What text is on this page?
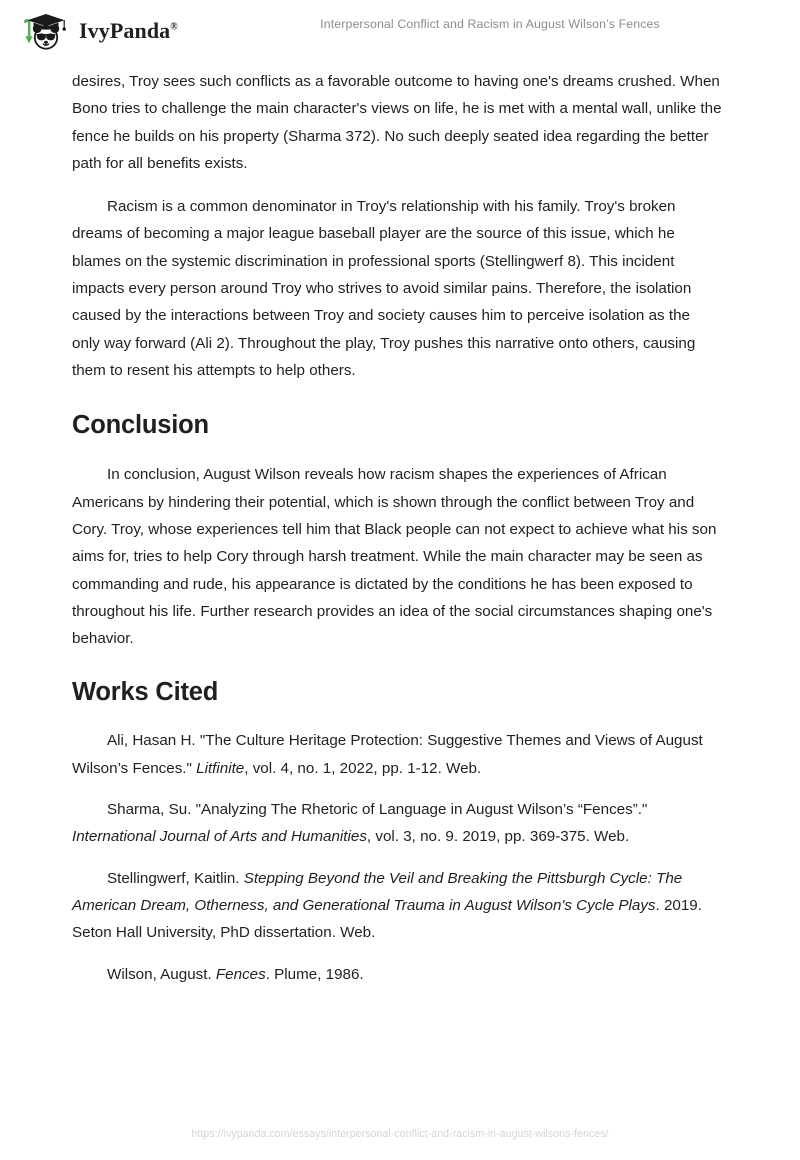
IvyPanda®	Interpersonal Conflict and Racism in August Wilson’s Fences

desires, Troy sees such conflicts as a favorable outcome to having one's dreams crushed. When Bono tries to challenge the main character's views on life, he is met with a mental wall, unlike the fence he builds on his property (Sharma 372). No such deeply seated idea regarding the better path for all benefits exists.

Racism is a common denominator in Troy's relationship with his family. Troy's broken dreams of becoming a major league baseball player are the source of this issue, which he blames on the systemic discrimination in professional sports (Stellingwerf 8). This incident impacts every person around Troy who strives to avoid similar pains. Therefore, the isolation caused by the interactions between Troy and society causes him to perceive isolation as the only way forward (Ali 2). Throughout the play, Troy pushes this narrative onto others, causing them to resent his attempts to help others.

Conclusion

In conclusion, August Wilson reveals how racism shapes the experiences of African Americans by hindering their potential, which is shown through the conflict between Troy and Cory. Troy, whose experiences tell him that Black people can not expect to achieve what his son aims for, tries to help Cory through harsh treatment. While the main character may be seen as commanding and rude, his appearance is dictated by the conditions he has been exposed to throughout his life. Further research provides an idea of the social circumstances shaping one's behavior.

Works Cited

Ali, Hasan H. "The Culture Heritage Protection: Suggestive Themes and Views of August Wilson’s Fences." Litfinite, vol. 4, no. 1, 2022, pp. 1-12. Web.

Sharma, Su. "Analyzing The Rhetoric of Language in August Wilson’s “Fences”." International Journal of Arts and Humanities, vol. 3, no. 9. 2019, pp. 369-375. Web.

Stellingwerf, Kaitlin. Stepping Beyond the Veil and Breaking the Pittsburgh Cycle: The American Dream, Otherness, and Generational Trauma in August Wilson's Cycle Plays. 2019. Seton Hall University, PhD dissertation. Web.

Wilson, August. Fences. Plume, 1986.

https://ivypanda.com/essays/interpersonal-conflict-and-racism-in-august-wilsons-fences/
